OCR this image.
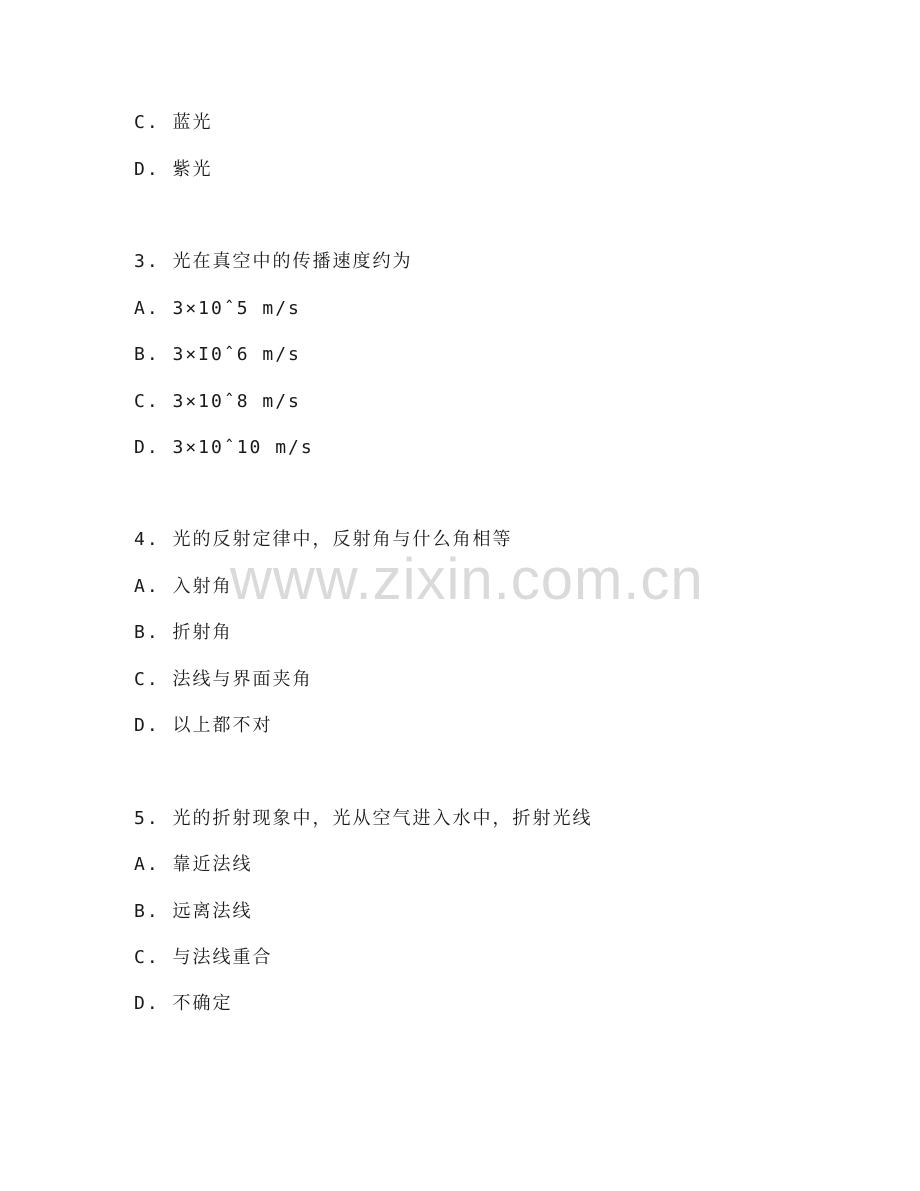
C. 蓝光
D. 紫光
3. 光在真空中的传播速度约为
A. 3×10ˆ5 m/s
B. 3×I0ˆ6 m/s
C. 3×10ˆ8 m/s
D. 3×10ˆ10 m/s
4. 光的反射定律中，反射角与什么角相等
A. 入射角
B. 折射角
C. 法线与界面夹角
D. 以上都不对
5. 光的折射现象中，光从空气进入水中，折射光线
A. 靠近法线
B. 远离法线
C. 与法线重合
D. 不确定
www.zixin.com.cn
